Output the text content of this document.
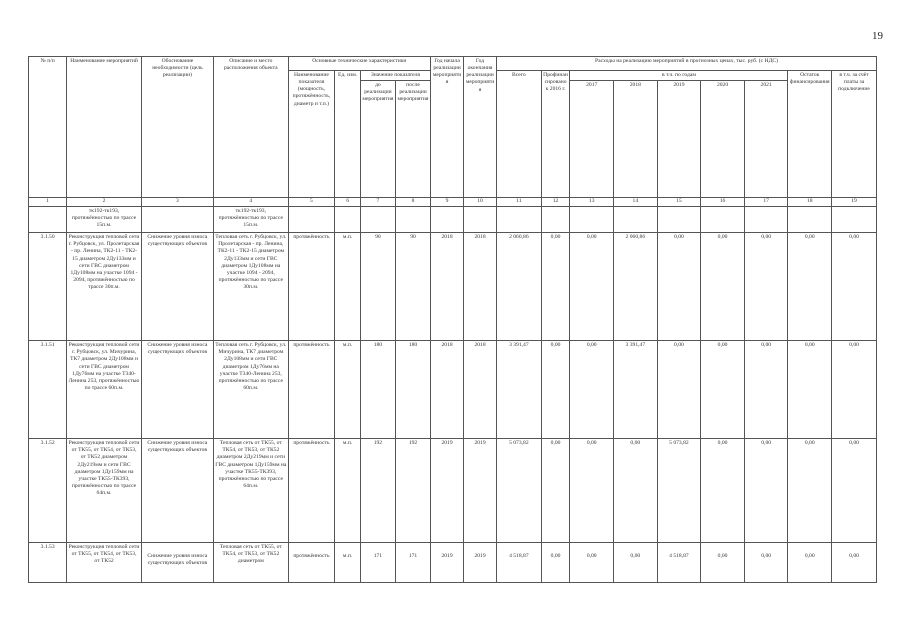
19
№ п/п	Наименование мероприятий	Обоснование необходимости (цель реализации)	Описание и место расположения объекта	Основные технические характеристики				Год начала реализации мероприятия	Год окончания реализации мероприятия	Расходы на реализацию мероприятий в прогнозных ценах, тыс. руб. (с НДС)								
				Наименование показателя (мощность, протяжённость, диаметр и т.п.)	Ед. изм.	Значение показателя				Всего	Профинансировано к 2016 г.	в т.ч. по годам					Остаток финансирования	в т.ч. за счёт платы за подключение
						до реализации мероприятия	после реализации мероприятия					2017	2018	2019	2020	2021		
1	2	3	4	5	6	7	8	9	10	11	12	13	14	15	16	17	18	19
	тк192-тк193, протяжённостью по трассе 15п.м.		тк192-тк193, протяжённостью по трассе 15п.м.															
3.1.50	Реконструкция тепловой сети г. Рубцовск, ул. Пролетарская - пр. Ленина, ТК2-11 - ТК2-15 диаметром 2Ду133мм и сети ГВС диаметром 1Ду108мм на участке 1094 - 2094, протяжённостью по трассе 30п.м.	Снижение уровня износа существующих объектов	Тепловая сеть г. Рубцовск, ул. Пролетарская - пр. Ленина, ТК2-11 - ТК2-15 диаметром 2Ду133мм и сети ГВС диаметром 1Ду108мм на участке 1094 - 2094, протяжённостью по трассе 30п.м.	протяжённость	м.п.	90	90	2018	2018	2 060,86	0,00	0,00	2 060,86	0,00	0,00	0,00	0,00	0,00
3.1.51	Реконструкция тепловой сети г. Рубцовск, ул. Мичурина, ТК7 диаметром 2Ду108мм и сети ГВС диаметром 1Ду76мм на участке Т340-Ленина 253, протяжённостью по трассе 60п.м.	Снижение уровня износа существующих объектов	Тепловая сеть г. Рубцовск, ул. Мичурина, ТК7 диаметром 2Ду108мм и сети ГВС диаметром 1Ду76мм на участке Т340-Ленина 253, протяжённостью по трассе 60п.м.	протяжённость	м.п.	180	180	2018	2018	3 391,47	0,00	0,00	3 391,47	0,00	0,00	0,00	0,00	0,00
3.1.52	Реконструкция тепловой сети от ТК55, от ТК54, от ТК53, от ТК52 диаметром 2Ду219мм и сети ГВС диаметром 1Ду159мм на участке ТК55-ТК393, протяжённостью по трассе 64п.м.	Снижение уровня износа существующих объектов	Тепловая сеть от ТК55, от ТК54, от ТК53, от ТК52 диаметром 2Ду219мм и сети ГВС диаметром 1Ду159мм на участке ТК55-ТК393, протяжённостью по трассе 64п.м.	протяжённость	м.п.	192	192	2019	2019	5 073,82	0,00	0,00	0,00	5 073,82	0,00	0,00	0,00	0,00
3.1.53	Реконструкция тепловой сети от ТК55, от ТК54, от ТК53, от ТК52	Снижение уровня износа существующих объектов	Тепловая сеть от ТК55, от ТК54, от ТК53, от ТК52 диаметром	протяжённость	м.п.	171	171	2019	2019	4 518,87	0,00	0,00	0,00	4 518,87	0,00	0,00	0,00	0,00
